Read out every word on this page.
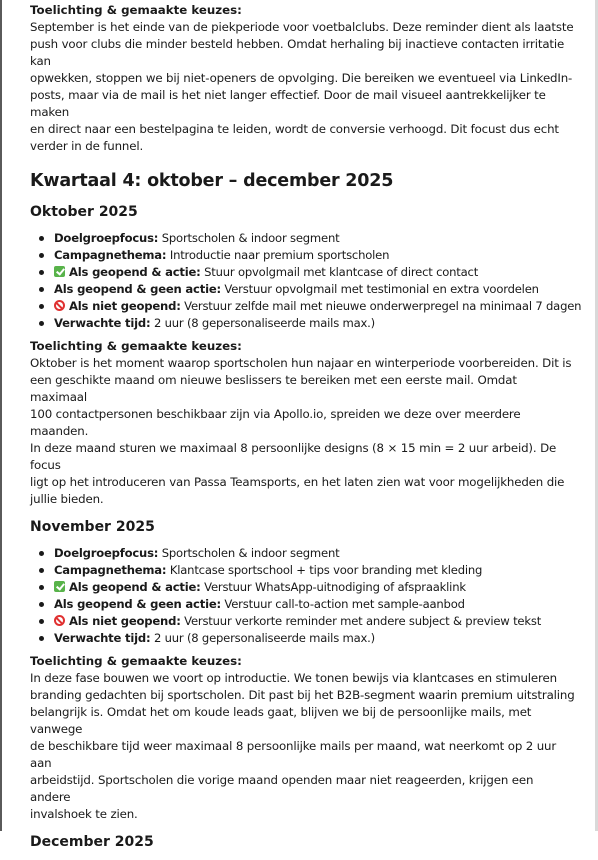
Toelichting & gemaakte keuzes:

September is het einde van de piekperiode voor voetbalclubs. Deze reminder dient als laatste

push voor clubs die minder besteld hebben. Omdat herhaling bij inactieve contacten irritatie kan

opwekken, stoppen we bij niet-openers de opvolging. Die bereiken we eventueel via LinkedIn-

posts, maar via de mail is het niet langer effectief. Door de mail visueel aantrekkelijker te maken

en direct naar een bestelpagina te leiden, wordt de conversie verhoogd. Dit focust dus echt

verder in de funnel.

Kwartaal 4: oktober – december 2025
Oktober 2025
Doelgroepfocus: Sportscholen & indoor segment
Campagnethema: Introductie naar premium sportscholen
Als geopend & actie: Stuur opvolgmail met klantcase of direct contact
Als geopend & geen actie: Verstuur opvolgmail met testimonial en extra voordelen
Als niet geopend: Verstuur zelfde mail met nieuwe onderwerpregel na minimaal 7 dagen
Verwachte tijd: 2 uur (8 gepersonaliseerde mails max.)

Toelichting & gemaakte keuzes:

Oktober is het moment waarop sportscholen hun najaar en winterperiode voorbereiden. Dit is

een geschikte maand om nieuwe beslissers te bereiken met een eerste mail. Omdat maximaal

100 contactpersonen beschikbaar zijn via Apollo.io, spreiden we deze over meerdere maanden.

In deze maand sturen we maximaal 8 persoonlijke designs (8 × 15 min = 2 uur arbeid). De focus

ligt op het introduceren van Passa Teamsports, en het laten zien wat voor mogelijkheden die

jullie bieden.

November 2025
Doelgroepfocus: Sportscholen & indoor segment
Campagnethema: Klantcase sportschool + tips voor branding met kleding
Als geopend & actie: Verstuur WhatsApp-uitnodiging of afspraaklink
Als geopend & geen actie: Verstuur call-to-action met sample-aanbod
Als niet geopend: Verstuur verkorte reminder met andere subject & preview tekst
Verwachte tijd: 2 uur (8 gepersonaliseerde mails max.)

Toelichting & gemaakte keuzes:

In deze fase bouwen we voort op introductie. We tonen bewijs via klantcases en stimuleren

branding gedachten bij sportscholen. Dit past bij het B2B-segment waarin premium uitstraling

belangrijk is. Omdat het om koude leads gaat, blijven we bij de persoonlijke mails, met vanwege

de beschikbare tijd weer maximaal 8 persoonlijke mails per maand, wat neerkomt op 2 uur aan

arbeidstijd. Sportscholen die vorige maand openden maar niet reageerden, krijgen een andere

invalshoek te zien.

December 2025
